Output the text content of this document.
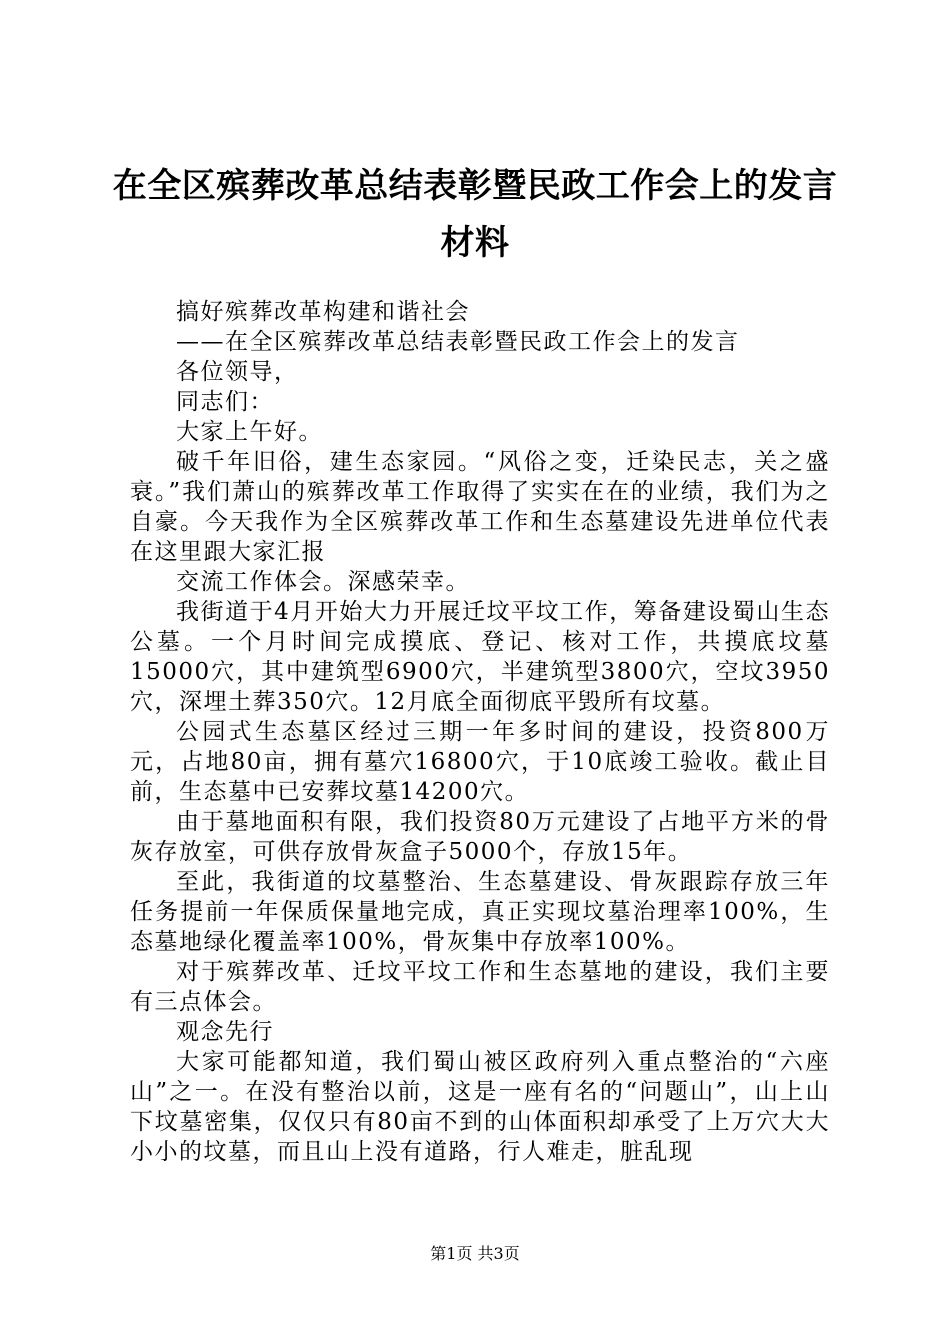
在全区殡葬改革总结表彰暨民政工作会上的发言材料

搞好殡葬改革构建和谐社会

——在全区殡葬改革总结表彰暨民政工作会上的发言

各位领导，

同志们：

大家上午好。

破千年旧俗，建生态家园。“风俗之变，迁染民志，关之盛衰。”我们萧山的殡葬改革工作取得了实实在在的业绩，我们为之自豪。今天我作为全区殡葬改革工作和生态墓建设先进单位代表在这里跟大家汇报

交流工作体会。深感荣幸。

我街道于4月开始大力开展迁坟平坟工作，筹备建设蜀山生态公墓。一个月时间完成摸底、登记、核对工作，共摸底坟墓15000穴，其中建筑型6900穴，半建筑型3800穴，空坟3950穴，深埋土葬350穴。12月底全面彻底平毁所有坟墓。

公园式生态墓区经过三期一年多时间的建设，投资800万元，占地80亩，拥有墓穴16800穴，于10底竣工验收。截止目前，生态墓中已安葬坟墓14200穴。

由于墓地面积有限，我们投资80万元建设了占地平方米的骨灰存放室，可供存放骨灰盒子5000个，存放15年。

至此，我街道的坟墓整治、生态墓建设、骨灰跟踪存放三年任务提前一年保质保量地完成，真正实现坟墓治理率100%，生态墓地绿化覆盖率100%，骨灰集中存放率100%。

对于殡葬改革、迁坟平坟工作和生态墓地的建设，我们主要有三点体会。

观念先行

大家可能都知道，我们蜀山被区政府列入重点整治的“六座山”之一。在没有整治以前，这是一座有名的“问题山”，山上山下坟墓密集，仅仅只有80亩不到的山体面积却承受了上万穴大大小小的坟墓，而且山上没有道路，行人难走，脏乱现

第1页 共3页
